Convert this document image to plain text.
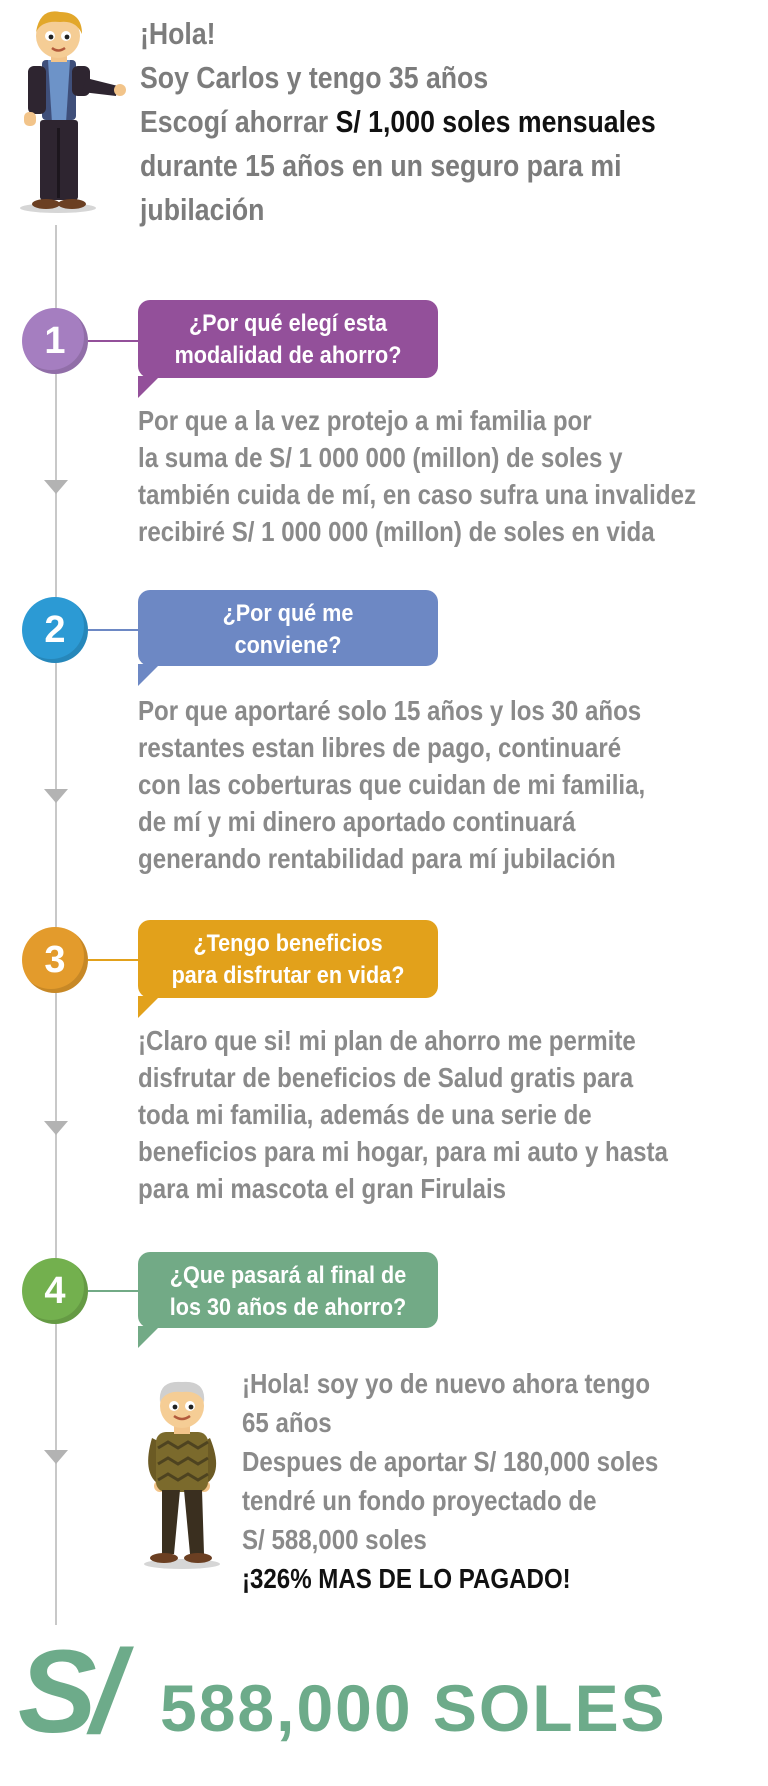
¡Hola!
Soy Carlos y tengo 35 años
Escogí ahorrar S/ 1,000 soles mensuales
durante 15 años en un seguro para mi
jubilación
1	¿Por qué elegí esta
modalidad de ahorro?
Por que a la vez protejo a mi familia por
la suma de S/ 1 000 000 (millon) de soles y
también cuida de mí, en caso sufra una invalidez
recibiré S/ 1 000 000 (millon) de soles en vida
2	¿Por qué me
conviene?
Por que aportaré solo 15 años y los 30 años
restantes estan libres de pago, continuaré
con las coberturas que cuidan de mi familia,
de mí y mi dinero aportado continuará
generando rentabilidad para mí jubilación
3	¿Tengo beneficios
para disfrutar en vida?
¡Claro que si! mi plan de ahorro me permite
disfrutar de beneficios de Salud gratis para
toda mi familia, además de una serie de
beneficios para mi hogar, para mi auto y hasta
para mi mascota el gran Firulais
4	¿Que pasará al final de
los 30 años de ahorro?
¡Hola! soy yo de nuevo ahora tengo
65 años
Despues de aportar S/ 180,000 soles
tendré un fondo proyectado de
S/ 588,000 soles
¡326% MAS DE LO PAGADO!
S/ 588,000 SOLES
